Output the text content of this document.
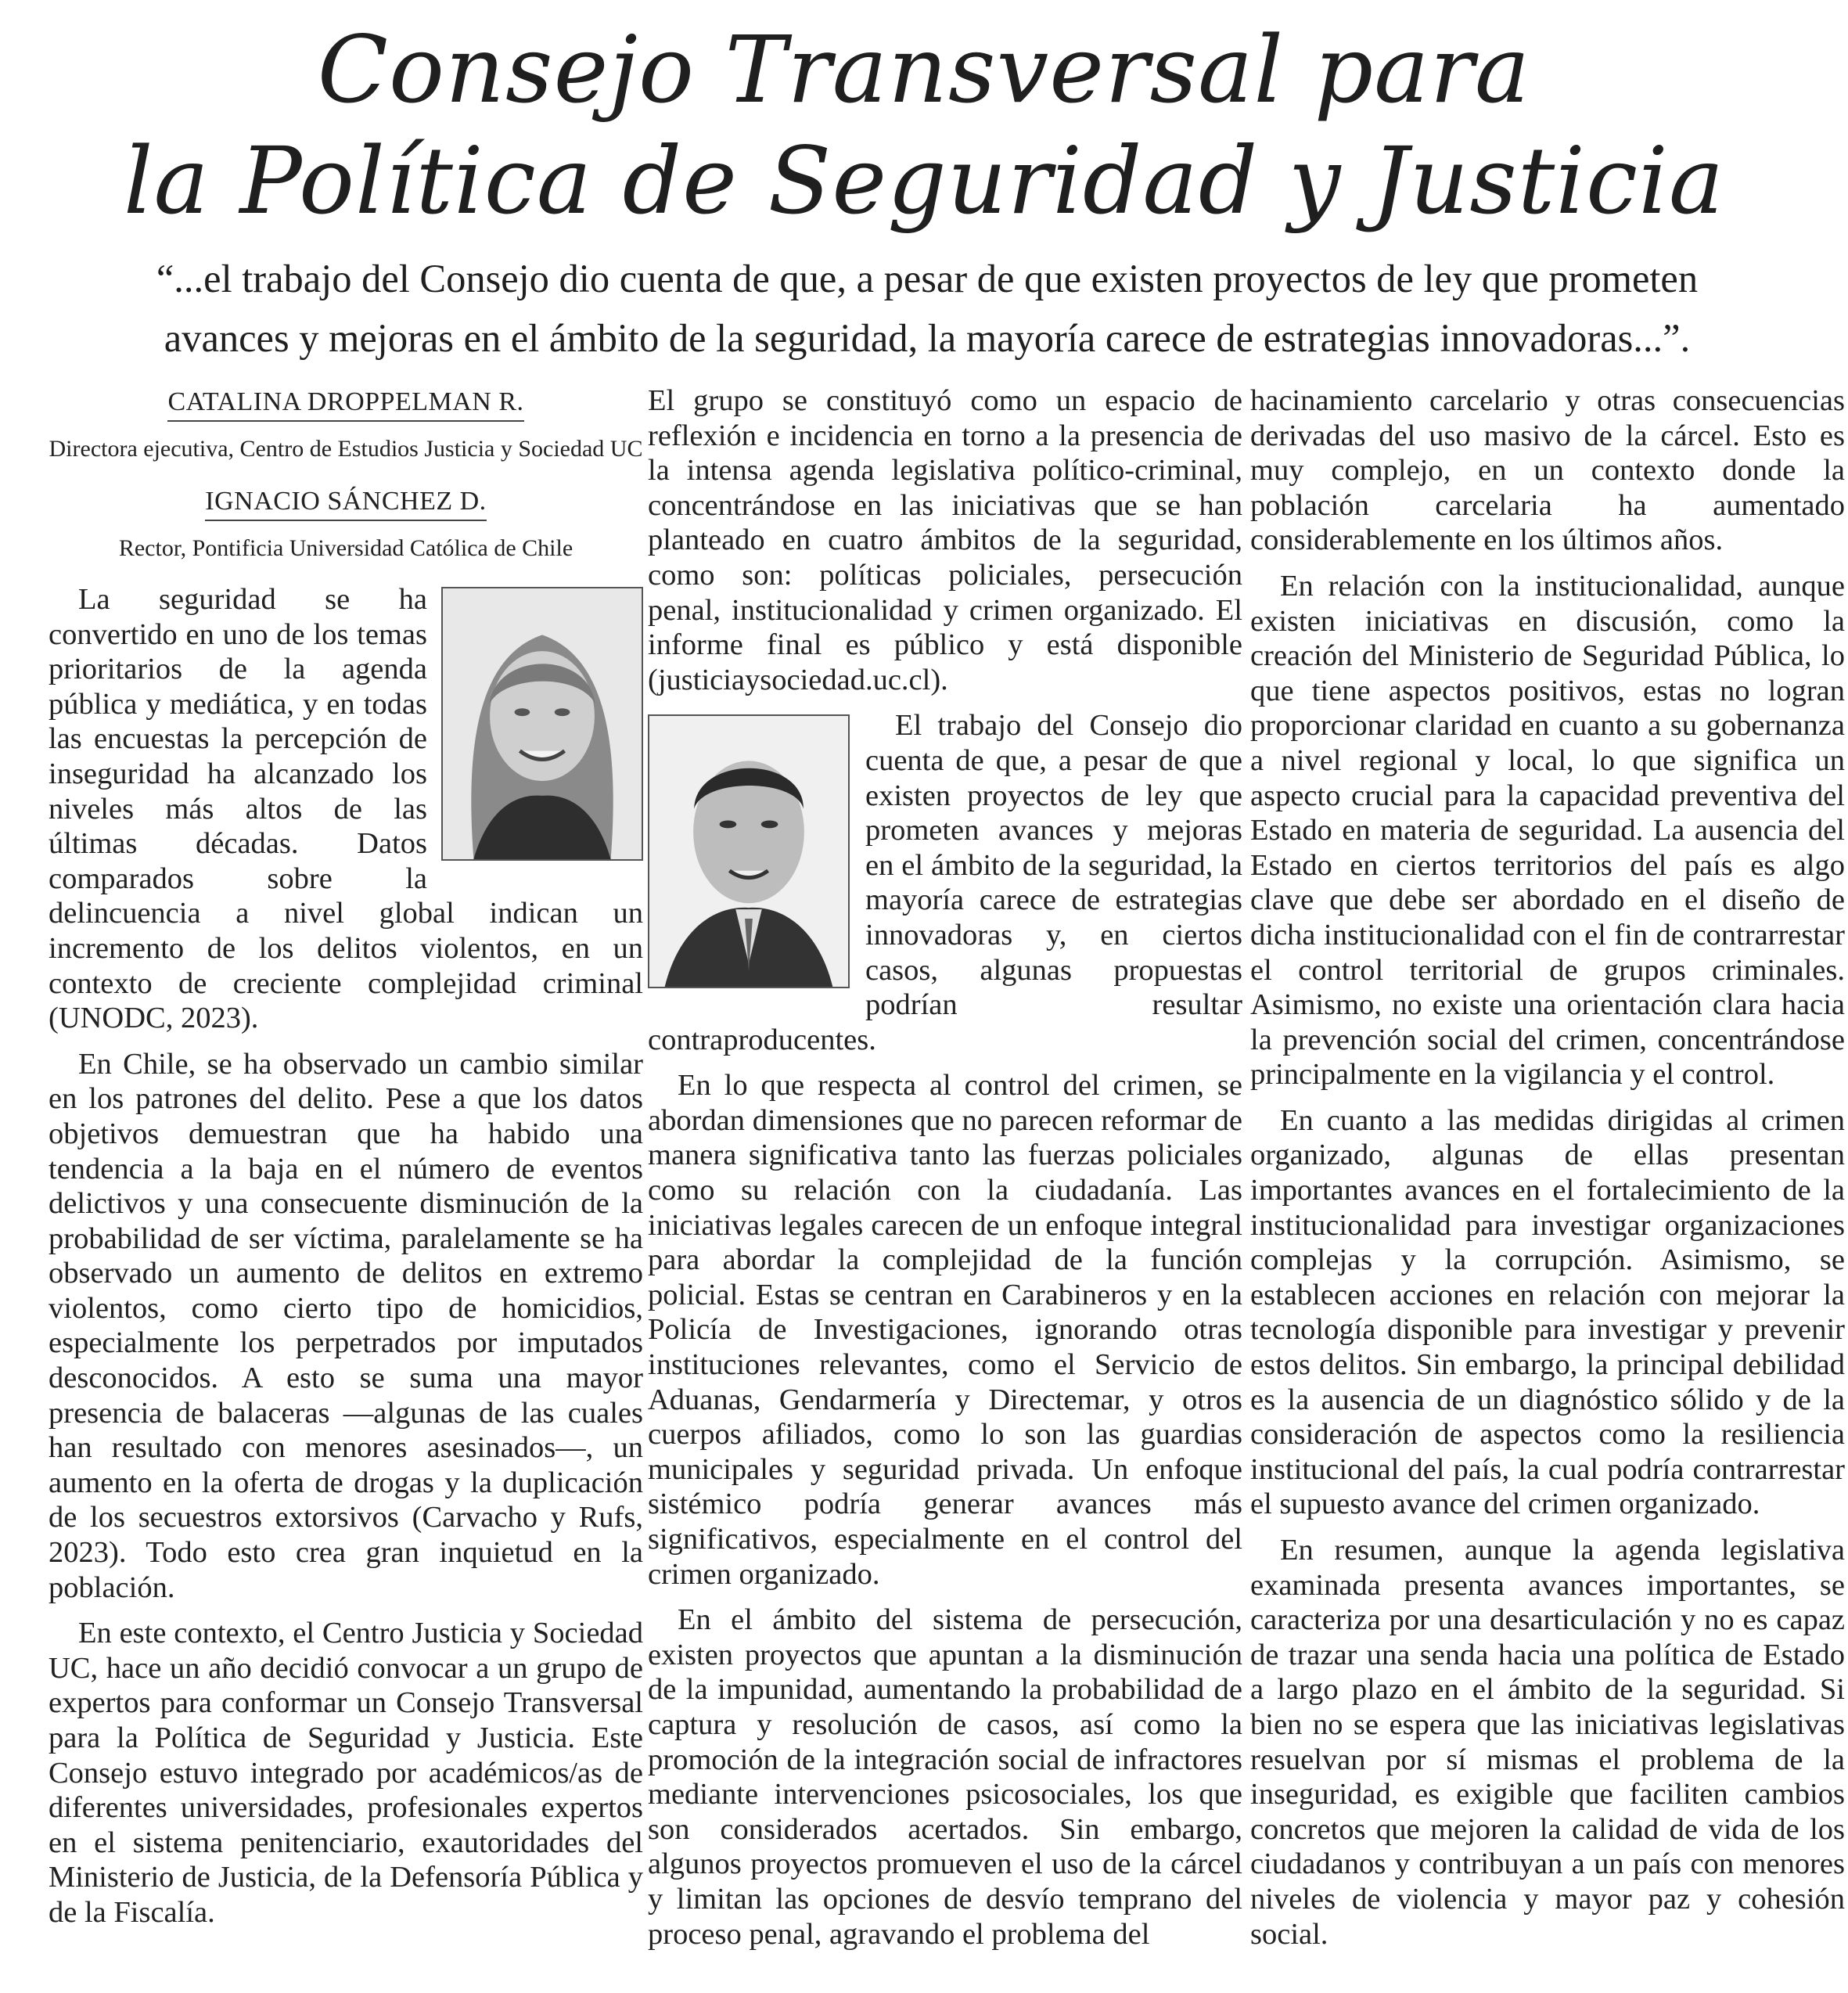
Consejo Transversal para
la Política de Seguridad y Justicia

“...el trabajo del Consejo dio cuenta de que, a pesar de que existen proyectos de ley que prometen avances y mejoras en el ámbito de la seguridad, la mayoría carece de estrategias innovadoras...”.

CATALINA DROPPELMAN R.
Directora ejecutiva, Centro de Estudios Justicia y Sociedad UC
IGNACIO SÁNCHEZ D.
Rector, Pontificia Universidad Católica de Chile

La seguridad se ha convertido en uno de los temas prioritarios de la agenda pública y mediática, y en todas las encuestas la percepción de inseguridad ha alcanzado los niveles más altos de las últimas décadas. Datos comparados sobre la delincuencia a nivel global indican un incremento de los delitos violentos, en un contexto de creciente complejidad criminal (UNODC, 2023).

En Chile, se ha observado un cambio similar en los patrones del delito. Pese a que los datos objetivos demuestran que ha habido una tendencia a la baja en el número de eventos delictivos y una consecuente disminución de la probabilidad de ser víctima, paralelamente se ha observado un aumento de delitos en extremo violentos, como cierto tipo de homicidios, especialmente los perpetrados por imputados desconocidos. A esto se suma una mayor presencia de balaceras —algunas de las cuales han resultado con menores asesinados—, un aumento en la oferta de drogas y la duplicación de los secuestros extorsivos (Carvacho y Rufs, 2023). Todo esto crea gran inquietud en la población.

En este contexto, el Centro Justicia y Sociedad UC, hace un año decidió convocar a un grupo de expertos para conformar un Consejo Transversal para la Política de Seguridad y Justicia. Este Consejo estuvo integrado por académicos/as de diferentes universidades, profesionales expertos en el sistema penitenciario, exautoridades del Ministerio de Justicia, de la Defensoría Pública y de la Fiscalía.

El grupo se constituyó como un espacio de reflexión e incidencia en torno a la presencia de la intensa agenda legislativa político-criminal, concentrándose en las iniciativas que se han planteado en cuatro ámbitos de la seguridad, como son: políticas policiales, persecución penal, institucionalidad y crimen organizado. El informe final es público y está disponible (justiciaysociedad.uc.cl).

El trabajo del Consejo dio cuenta de que, a pesar de que existen proyectos de ley que prometen avances y mejoras en el ámbito de la seguridad, la mayoría carece de estrategias innovadoras y, en ciertos casos, algunas propuestas podrían resultar contraproducentes.

En lo que respecta al control del crimen, se abordan dimensiones que no parecen reformar de manera significativa tanto las fuerzas policiales como su relación con la ciudadanía. Las iniciativas legales carecen de un enfoque integral para abordar la complejidad de la función policial. Estas se centran en Carabineros y en la Policía de Investigaciones, ignorando otras instituciones relevantes, como el Servicio de Aduanas, Gendarmería y Directemar, y otros cuerpos afiliados, como lo son las guardias municipales y seguridad privada. Un enfoque sistémico podría generar avances más significativos, especialmente en el control del crimen organizado.

En el ámbito del sistema de persecución, existen proyectos que apuntan a la disminución de la impunidad, aumentando la probabilidad de captura y resolución de casos, así como la promoción de la integración social de infractores mediante intervenciones psicosociales, los que son considerados acertados. Sin embargo, algunos proyectos promueven el uso de la cárcel y limitan las opciones de desvío temprano del proceso penal, agravando el problema del

hacinamiento carcelario y otras consecuencias derivadas del uso masivo de la cárcel. Esto es muy complejo, en un contexto donde la población carcelaria ha aumentado considerablemente en los últimos años.

En relación con la institucionalidad, aunque existen iniciativas en discusión, como la creación del Ministerio de Seguridad Pública, lo que tiene aspectos positivos, estas no logran proporcionar claridad en cuanto a su gobernanza a nivel regional y local, lo que significa un aspecto crucial para la capacidad preventiva del Estado en materia de seguridad. La ausencia del Estado en ciertos territorios del país es algo clave que debe ser abordado en el diseño de dicha institucionalidad con el fin de contrarrestar el control territorial de grupos criminales. Asimismo, no existe una orientación clara hacia la prevención social del crimen, concentrándose principalmente en la vigilancia y el control.

En cuanto a las medidas dirigidas al crimen organizado, algunas de ellas presentan importantes avances en el fortalecimiento de la institucionalidad para investigar organizaciones complejas y la corrupción. Asimismo, se establecen acciones en relación con mejorar la tecnología disponible para investigar y prevenir estos delitos. Sin embargo, la principal debilidad es la ausencia de un diagnóstico sólido y de la consideración de aspectos como la resiliencia institucional del país, la cual podría contrarrestar el supuesto avance del crimen organizado.

En resumen, aunque la agenda legislativa examinada presenta avances importantes, se caracteriza por una desarticulación y no es capaz de trazar una senda hacia una política de Estado a largo plazo en el ámbito de la seguridad. Si bien no se espera que las iniciativas legislativas resuelvan por sí mismas el problema de la inseguridad, es exigible que faciliten cambios concretos que mejoren la calidad de vida de los ciudadanos y contribuyan a un país con menores niveles de violencia y mayor paz y cohesión social.
